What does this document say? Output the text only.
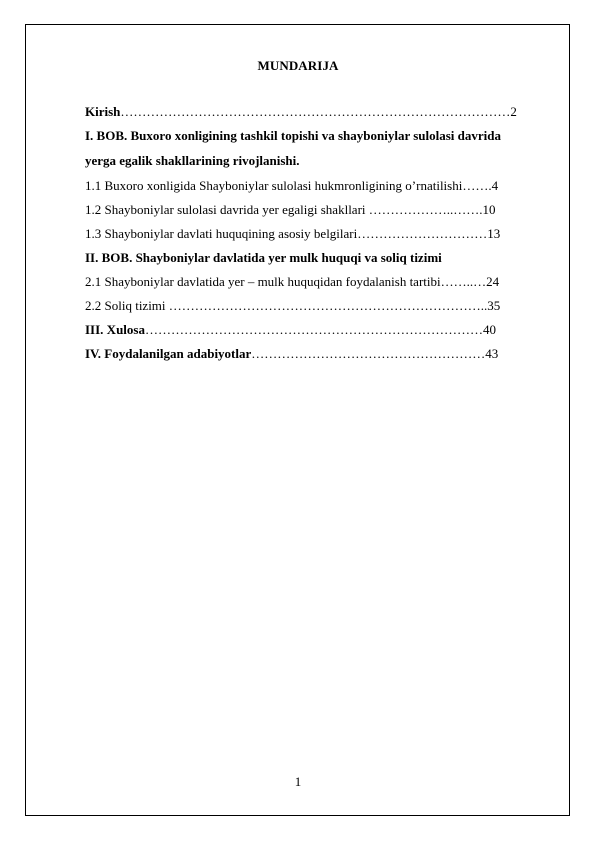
MUNDARIJA
Kirish………………………………………………………………………………2
I. BOB. Buxoro xonligining tashkil topishi va shayboniylar sulolasi davrida
yerga egalik shakllarining rivojlanishi.
1.1 Buxoro xonligida Shayboniylar sulolasi hukmronligining o’rnatilishi…….4
1.2 Shayboniylar sulolasi davrida yer egaligi shakllari ………………..…….10
1.3 Shayboniylar davlati huquqining asosiy belgilari…………………………13
II. BOB. Shayboniylar davlatida yer mulk huquqi va soliq tizimi
2.1 Shayboniylar davlatida yer – mulk huquqidan foydalanish tartibi……..…24
2.2 Soliq tizimi ………………………………………………………………..35
III. Xulosa……………………………………………………………………40
IV. Foydalanilgan adabiyotlar………………………………………………43
1
